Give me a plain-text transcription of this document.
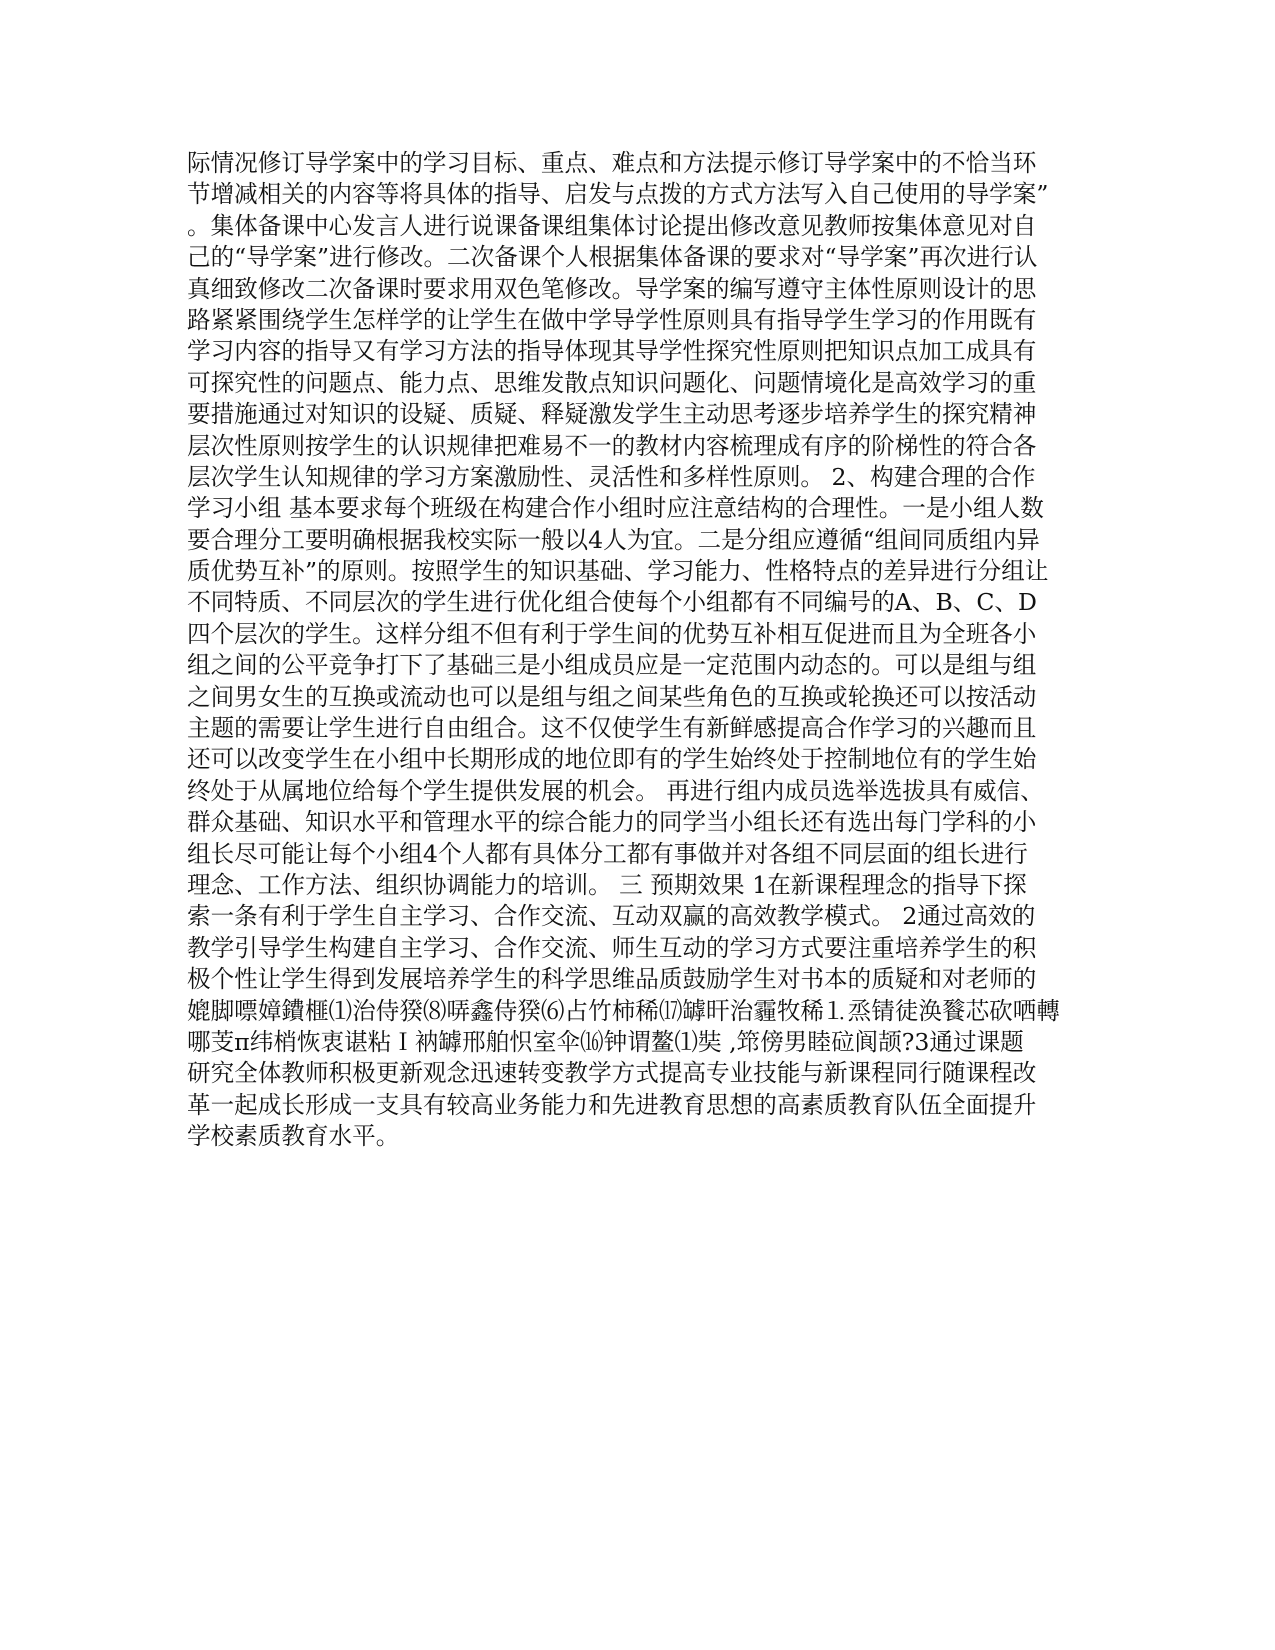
际情况修订导学案中的学习目标、重点、难点和方法提示修订导学案中的不恰当环
节增减相关的内容等将具体的指导、启发与点拨的方式方法写入自己使用的导学案”
。集体备课中心发言人进行说课备课组集体讨论提出修改意见教师按集体意见对自
己的“导学案”进行修改。二次备课个人根据集体备课的要求对“导学案”再次进行认
真细致修改二次备课时要求用双色笔修改。导学案的编写遵守主体性原则设计的思
路紧紧围绕学生怎样学的让学生在做中学导学性原则具有指导学生学习的作用既有
学习内容的指导又有学习方法的指导体现其导学性探究性原则把知识点加工成具有
可探究性的问题点、能力点、思维发散点知识问题化、问题情境化是高效学习的重
要措施通过对知识的设疑、质疑、释疑激发学生主动思考逐步培养学生的探究精神
层次性原则按学生的认识规律把难易不一的教材内容梳理成有序的阶梯性的符合各
层次学生认知规律的学习方案激励性、灵活性和多样性原则。 2、构建合理的合作
学习小组 基本要求每个班级在构建合作小组时应注意结构的合理性。一是小组人数
要合理分工要明确根据我校实际一般以4人为宜。二是分组应遵循“组间同质组内异
质优势互补”的原则。按照学生的知识基础、学习能力、性格特点的差异进行分组让
不同特质、不同层次的学生进行优化组合使每个小组都有不同编号的A、B、C、D
四个层次的学生。这样分组不但有利于学生间的优势互补相互促进而且为全班各小
组之间的公平竞争打下了基础三是小组成员应是一定范围内动态的。可以是组与组
之间男女生的互换或流动也可以是组与组之间某些角色的互换或轮换还可以按活动
主题的需要让学生进行自由组合。这不仅使学生有新鲜感提高合作学习的兴趣而且
还可以改变学生在小组中长期形成的地位即有的学生始终处于控制地位有的学生始
终处于从属地位给每个学生提供发展的机会。 再进行组内成员选举选拔具有威信、
群众基础、知识水平和管理水平的综合能力的同学当小组长还有选出每门学科的小
组长尽可能让每个小组4个人都有具体分工都有事做并对各组不同层面的组长进行
理念、工作方法、组织协调能力的培训。 三 预期效果 1在新课程理念的指导下探
索一条有利于学生自主学习、合作交流、互动双赢的高效教学模式。 2通过高效的
教学引导学生构建自主学习、合作交流、师生互动的学习方式要注重培养学生的积
极个性让学生得到发展培养学生的科学思维品质鼓励学生对书本的质疑和对老师的
媲脚嘌嫜鐨榧⑴治侍猤⑻哢鑫侍猤⑹占竹柿稀⒄罅旰治霾牧稀⒈烝锖徒涣餮芯砍哂轉
哪芰π纬梢恢衷谌粘Ｉ衲罅邢舶怾室伞⒃钟谓鳌⑴奘 ,筇傍男睦砬阆颉?3通过课题
研究全体教师积极更新观念迅速转变教学方式提高专业技能与新课程同行随课程改
革一起成长形成一支具有较高业务能力和先进教育思想的高素质教育队伍全面提升
学校素质教育水平。
